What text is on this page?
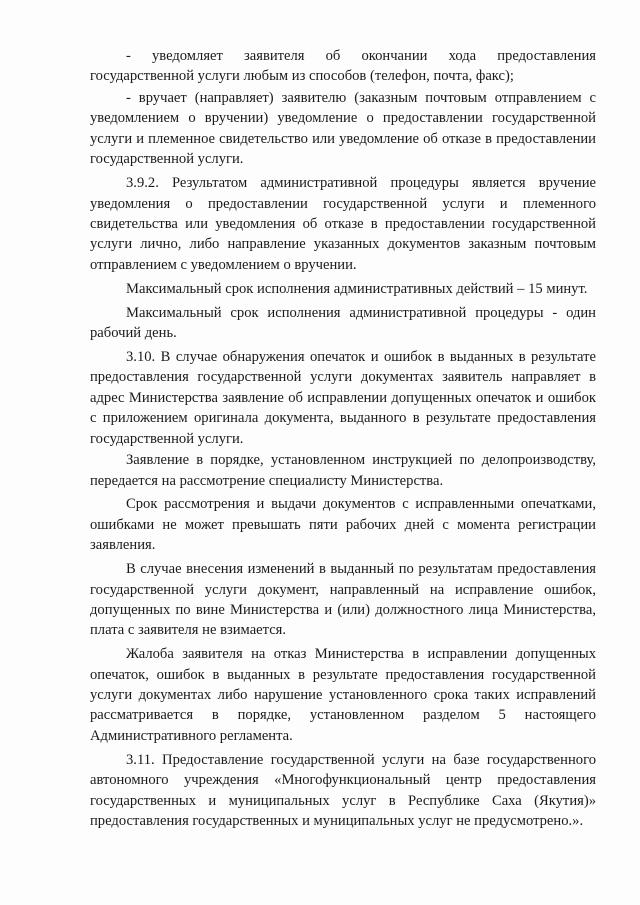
- уведомляет заявителя об окончании хода предоставления государственной услуги любым из способов (телефон, почта, факс);

- вручает (направляет) заявителю (заказным почтовым отправлением с уведомлением о вручении) уведомление о предоставлении государственной услуги и племенное свидетельство или уведомление об отказе в предоставлении государственной услуги.

3.9.2. Результатом административной процедуры является вручение уведомления о предоставлении государственной услуги и племенного свидетельства или уведомления об отказе в предоставлении государственной услуги лично, либо направление указанных документов заказным почтовым отправлением с уведомлением о вручении.

Максимальный срок исполнения административных действий – 15 минут.

Максимальный срок исполнения административной процедуры - один рабочий день.

3.10. В случае обнаружения опечаток и ошибок в выданных в результате предоставления государственной услуги документах заявитель направляет в адрес Министерства заявление об исправлении допущенных опечаток и ошибок с приложением оригинала документа, выданного в результате предоставления государственной услуги.

Заявление в порядке, установленном инструкцией по делопроизводству, передается на рассмотрение специалисту Министерства.

Срок рассмотрения и выдачи документов с исправленными опечатками, ошибками не может превышать пяти рабочих дней с момента регистрации заявления.

В случае внесения изменений в выданный по результатам предоставления государственной услуги документ, направленный на исправление ошибок, допущенных по вине Министерства и (или) должностного лица Министерства, плата с заявителя не взимается.

Жалоба заявителя на отказ Министерства в исправлении допущенных опечаток, ошибок в выданных в результате предоставления государственной услуги документах либо нарушение установленного срока таких исправлений рассматривается в порядке, установленном разделом 5 настоящего Административного регламента.

3.11. Предоставление государственной услуги на базе государственного автономного учреждения «Многофункциональный центр предоставления государственных и муниципальных услуг в Республике Саха (Якутия)» предоставления государственных и муниципальных услуг не предусмотрено.».
